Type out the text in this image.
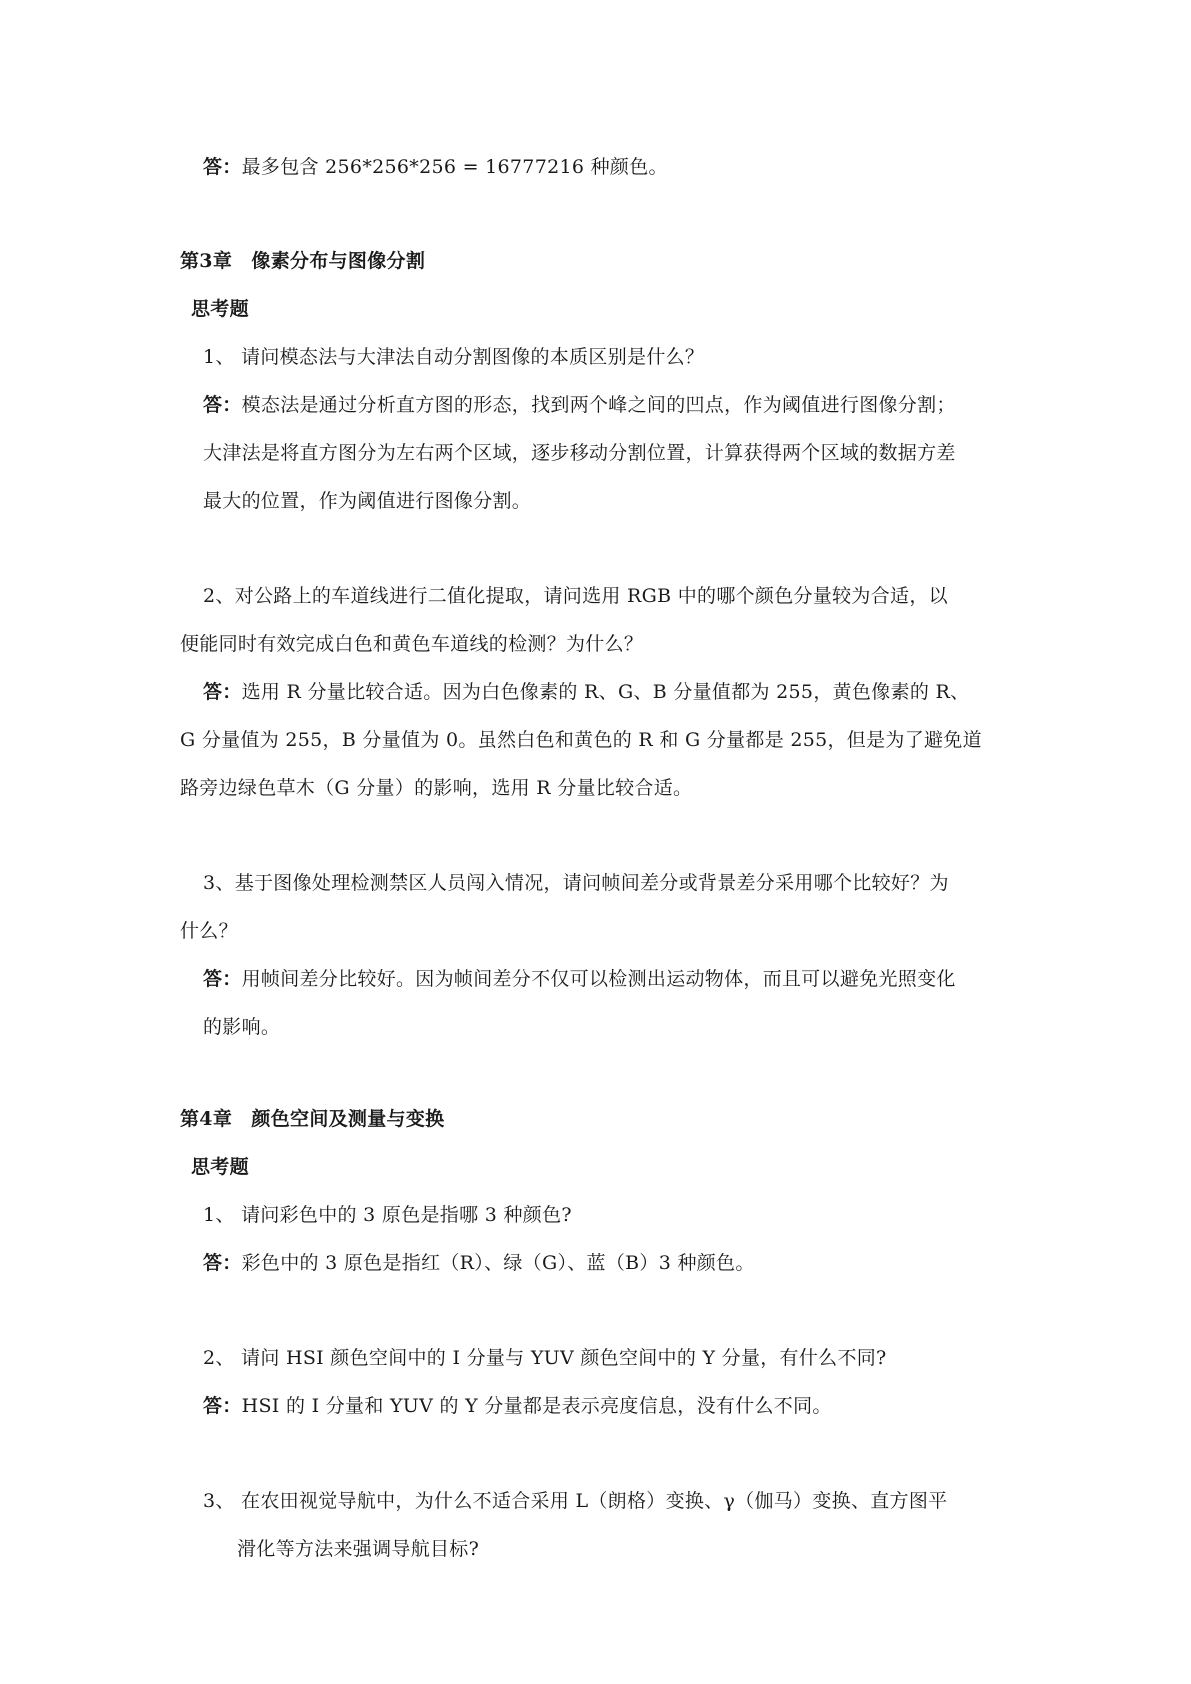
答：最多包含 256*256*256 = 16777216 种颜色。
第3章　像素分布与图像分割
思考题
1、 请问模态法与大津法自动分割图像的本质区别是什么？
答：模态法是通过分析直方图的形态，找到两个峰之间的凹点，作为阈值进行图像分割；
大津法是将直方图分为左右两个区域，逐步移动分割位置，计算获得两个区域的数据方差
最大的位置，作为阈值进行图像分割。
2、对公路上的车道线进行二值化提取，请问选用 RGB 中的哪个颜色分量较为合适，以
便能同时有效完成白色和黄色车道线的检测？为什么？
答：选用 R 分量比较合适。因为白色像素的 R、G、B 分量值都为 255，黄色像素的 R、
G 分量值为 255，B 分量值为 0。虽然白色和黄色的 R 和 G 分量都是 255，但是为了避免道
路旁边绿色草木（G 分量）的影响，选用 R 分量比较合适。
3、基于图像处理检测禁区人员闯入情况，请问帧间差分或背景差分采用哪个比较好？为
什么？
答：用帧间差分比较好。因为帧间差分不仅可以检测出运动物体，而且可以避免光照变化
的影响。
第4章　颜色空间及测量与变换
思考题
1、 请问彩色中的 3 原色是指哪 3 种颜色?
答：彩色中的 3 原色是指红（R）、绿（G）、蓝（B）3 种颜色。
2、 请问 HSI 颜色空间中的 I 分量与 YUV 颜色空间中的 Y 分量，有什么不同?
答：HSI 的 I 分量和 YUV 的 Y 分量都是表示亮度信息，没有什么不同。
3、 在农田视觉导航中，为什么不适合采用 L（朗格）变换、γ（伽马）变换、直方图平
滑化等方法来强调导航目标?
